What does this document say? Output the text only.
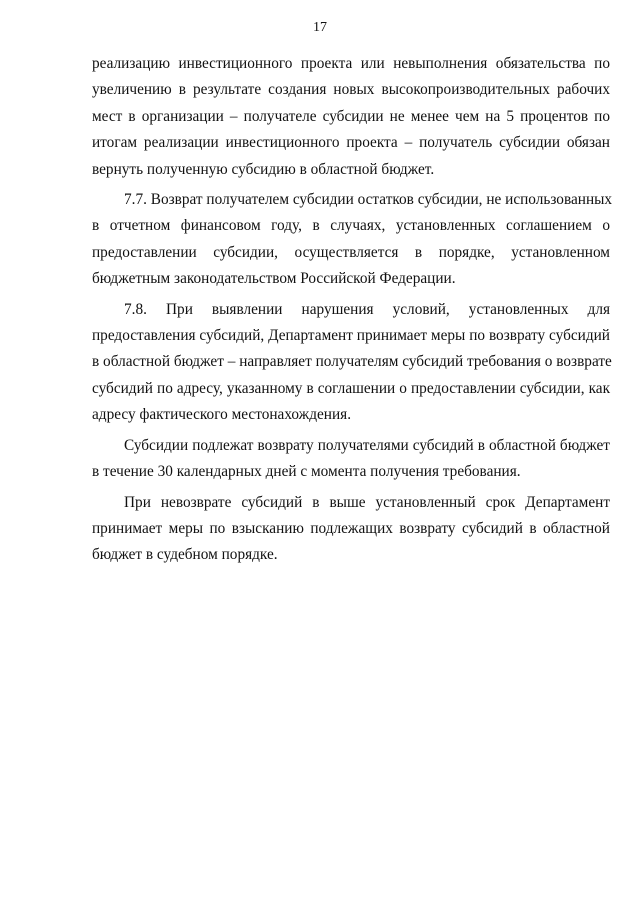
17

реализацию инвестиционного проекта или невыполнения обязательства по
увеличению в результате создания новых высокопроизводительных рабочих
мест в организации – получателе субсидии не менее чем на 5 процентов по
итогам реализации инвестиционного проекта – получатель субсидии обязан
вернуть полученную субсидию в областной бюджет.

7.7. Возврат получателем субсидии остатков субсидии, не использованных
в отчетном финансовом году, в случаях, установленных соглашением о
предоставлении субсидии, осуществляется в порядке, установленном
бюджетным законодательством Российской Федерации.

7.8. При выявлении нарушения условий, установленных для
предоставления субсидий, Департамент принимает меры по возврату субсидий
в областной бюджет – направляет получателям субсидий требования о возврате
субсидий по адресу, указанному в соглашении о предоставлении субсидии, как
адресу фактического местонахождения.

Субсидии подлежат возврату получателями субсидий в областной бюджет
в течение 30 календарных дней с момента получения требования.

При невозврате субсидий в выше установленный срок Департамент
принимает меры по взысканию подлежащих возврату субсидий в областной
бюджет в судебном порядке.
